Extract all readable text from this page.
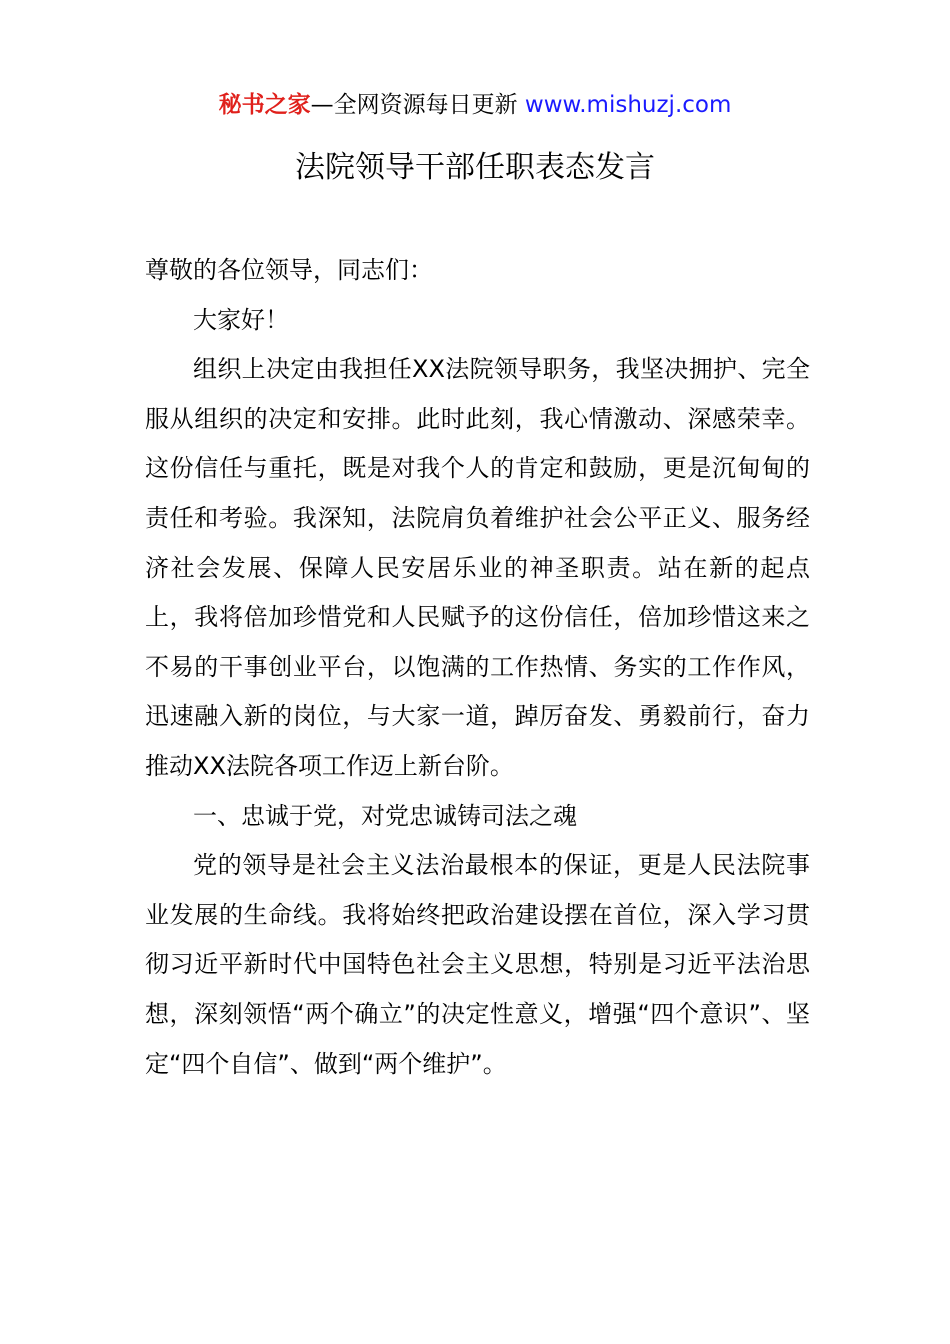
秘书之家—全网资源每日更新 www.mishuzj.com
法院领导干部任职表态发言

尊敬的各位领导，同志们：

大家好！

组织上决定由我担任XX法院领导职务，我坚决拥护、完全服从组织的决定和安排。此时此刻，我心情激动、深感荣幸。这份信任与重托，既是对我个人的肯定和鼓励，更是沉甸甸的责任和考验。我深知，法院肩负着维护社会公平正义、服务经济社会发展、保障人民安居乐业的神圣职责。站在新的起点上，我将倍加珍惜党和人民赋予的这份信任，倍加珍惜这来之不易的干事创业平台，以饱满的工作热情、务实的工作作风，迅速融入新的岗位，与大家一道，踔厉奋发、勇毅前行，奋力推动XX法院各项工作迈上新台阶。

一、忠诚于党，对党忠诚铸司法之魂

党的领导是社会主义法治最根本的保证，更是人民法院事业发展的生命线。我将始终把政治建设摆在首位，深入学习贯彻习近平新时代中国特色社会主义思想，特别是习近平法治思想，深刻领悟“两个确立”的决定性意义，增强“四个意识”、坚定“四个自信”、做到“两个维护”。
